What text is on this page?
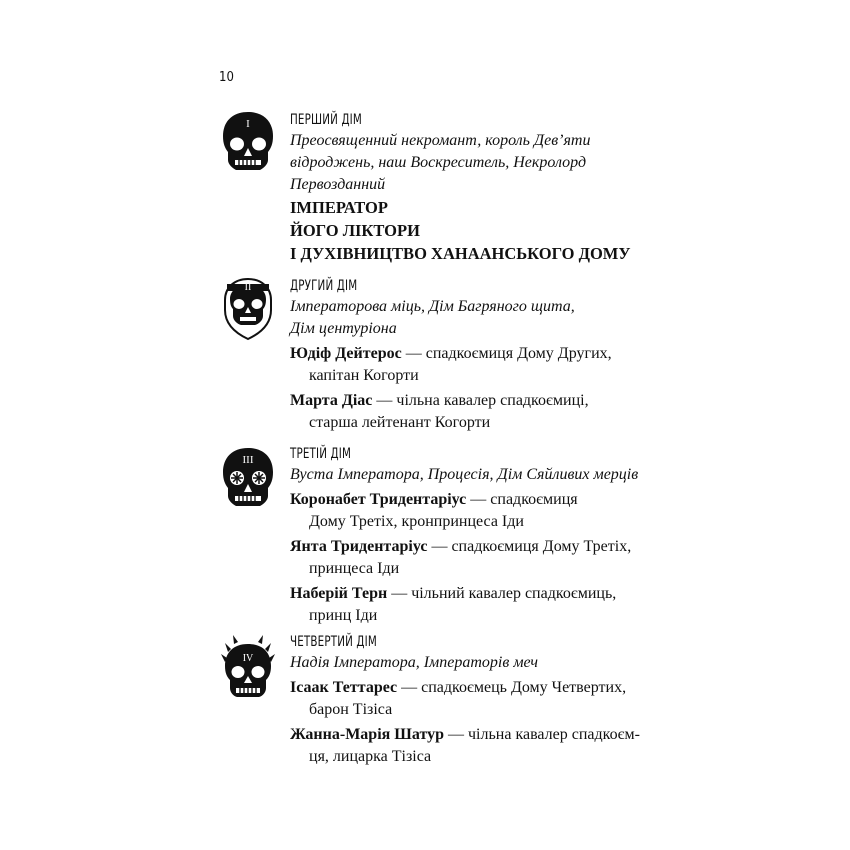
10
I	ПЕРШИЙ ДІМ
Преосвященний некромант, король Дев’яти
відроджень, наш Воскреситель, Некролорд
Первозданний
ІМПЕРАТОР
ЙОГО ЛІКТОРИ
І ДУХІВНИЦТВО ХАНААНСЬКОГО ДОМУ
II	ДРУГИЙ ДІМ
Імператорова міць, Дім Багряного щита,
Дім центуріона
Юдіф Дейтерос — спадкоємиця Дому Других,
капітан Когорти
Марта Діас — чільна кавалер спадкоємиці,
старша лейтенант Когорти
III	ТРЕТІЙ ДІМ
Вуста Імператора, Процесія, Дім Сяйливих мерців
Коронабет Тридентаріус — спадкоємиця
Дому Третіх, кронпринцеса Іди
Янта Тридентаріус — спадкоємиця Дому Третіх,
принцеса Іди
Наберій Терн — чільний кавалер спадкоємиць,
принц Іди
IV
ЧЕТВЕРТИЙ ДІМ
Надія Імператора, Імператорів меч
Ісаак Теттарес — спадкоємець Дому Четвертих,
барон Тізіса
Жанна-Марія Шатур — чільна кавалер спадкоєм-
ця, лицарка Тізіса
